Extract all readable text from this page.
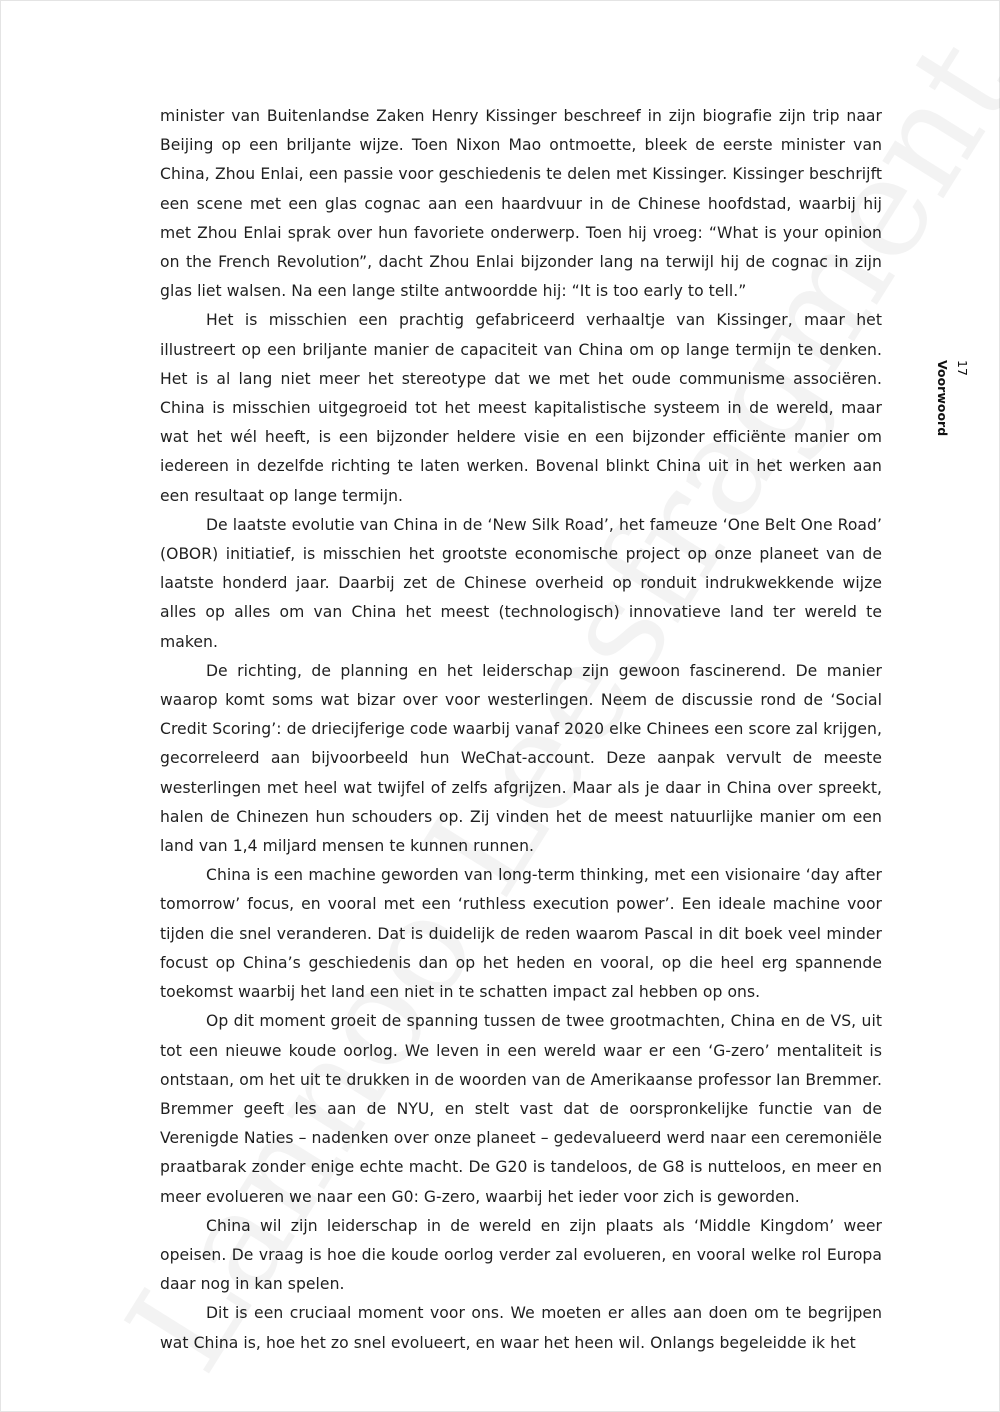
minister van Buitenlandse Zaken Henry Kissinger beschreef in zijn biografie zijn trip naar Beijing op een briljante wijze. Toen Nixon Mao ontmoette, bleek de eerste minister van China, Zhou Enlai, een passie voor geschiedenis te delen met Kissinger. Kissinger beschrijft een scene met een glas cognac aan een haardvuur in de Chinese hoofdstad, waarbij hij met Zhou Enlai sprak over hun favoriete onderwerp. Toen hij vroeg: “What is your opinion on the French Revolution”, dacht Zhou Enlai bijzonder lang na terwijl hij de cognac in zijn glas liet walsen. Na een lange stilte antwoordde hij: “It is too early to tell.”

Het is misschien een prachtig gefabriceerd verhaaltje van Kissinger, maar het illustreert op een briljante manier de capaciteit van China om op lange termijn te denken. Het is al lang niet meer het stereotype dat we met het oude communisme associëren. China is misschien uitgegroeid tot het meest kapitalistische systeem in de wereld, maar wat het wél heeft, is een bijzonder heldere visie en een bijzonder efficiënte manier om iedereen in dezelfde richting te laten werken. Bovenal blinkt China uit in het werken aan een resultaat op lange termijn.

De laatste evolutie van China in de ‘New Silk Road’, het fameuze ‘One Belt One Road’ (OBOR) initiatief, is misschien het grootste economische project op onze planeet van de laatste honderd jaar. Daarbij zet de Chinese overheid op ronduit indrukwekkende wijze alles op alles om van China het meest (technologisch) innovatieve land ter wereld te maken.

De richting, de planning en het leiderschap zijn gewoon fascinerend. De manier waarop komt soms wat bizar over voor westerlingen. Neem de discussie rond de ‘Social Credit Scoring’: de driecijferige code waarbij vanaf 2020 elke Chinees een score zal krijgen, gecorreleerd aan bijvoorbeeld hun WeChat-account. Deze aanpak vervult de meeste westerlingen met heel wat twijfel of zelfs afgrijzen. Maar als je daar in China over spreekt, halen de Chinezen hun schouders op. Zij vinden het de meest natuurlijke manier om een land van 1,4 miljard mensen te kunnen runnen.

China is een machine geworden van long-term thinking, met een visionaire ‘day after tomorrow’ focus, en vooral met een ‘ruthless execution power’. Een ideale machine voor tijden die snel veranderen. Dat is duidelijk de reden waarom Pascal in dit boek veel minder focust op China’s geschiedenis dan op het heden en vooral, op die heel erg spannende toekomst waarbij het land een niet in te schatten impact zal hebben op ons.

Op dit moment groeit de spanning tussen de twee grootmachten, China en de VS, uit tot een nieuwe koude oorlog. We leven in een wereld waar er een ‘G-zero’ mentaliteit is ontstaan, om het uit te drukken in de woorden van de Amerikaanse professor Ian Bremmer. Bremmer geeft les aan de NYU, en stelt vast dat de oorspronkelijke functie van de Verenigde Naties – nadenken over onze planeet – gedevalueerd werd naar een ceremoniële praatbarak zonder enige echte macht. De G20 is tandeloos, de G8 is nutteloos, en meer en meer evolueren we naar een G0: G-zero, waarbij het ieder voor zich is geworden.

China wil zijn leiderschap in de wereld en zijn plaats als ‘Middle Kingdom’ weer opeisen. De vraag is hoe die koude oorlog verder zal evolueren, en vooral welke rol Europa daar nog in kan spelen.

Dit is een cruciaal moment voor ons. We moeten er alles aan doen om te begrijpen wat China is, hoe het zo snel evolueert, en waar het heen wil. Onlangs begeleidde ik het

17
Voorwoord
